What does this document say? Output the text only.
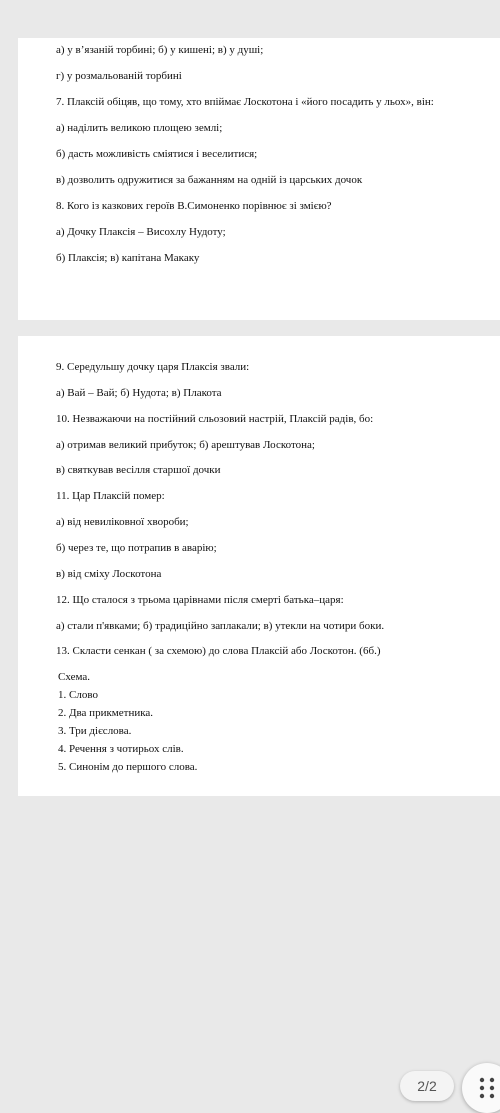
а) у в’язаній торбині; б) у кишені; в) у душі;
г) у розмальованій торбині
7. Плаксій обіцяв, що тому, хто впіймає Лоскотона і «його посадить у льох», він:
а) наділить великою площею землі;
б) дасть можливість сміятися і веселитися;
в) дозволить одружитися за бажанням на одній із царських дочок
8. Кого із казкових героїв В.Симоненко порівнює зі змією?
а) Дочку Плаксія – Висохлу Нудоту;
б) Плаксія; в) капітана Макаку
9. Середульшу дочку царя Плаксія звали:
а) Вай – Вай; б) Нудота; в) Плакота
10. Незважаючи на постійний сльозовий настрій, Плаксій радів, бо:
а) отримав великий прибуток; б) арештував Лоскотона;
в) святкував весілля старшої дочки
11. Цар Плаксій помер:
а) від невиліковної хвороби;
б) через те, що потрапив в аварію;
в) від сміху Лоскотона
12. Що сталося з трьома царівнами після смерті батька–царя:
а) стали п'явками; б) традиційно заплакали; в) утекли на чотири боки.
13. Скласти сенкан ( за схемою) до слова Плаксій або Лоскотон. (6б.)
Схема.
1. Слово
2. Два прикметника.
3. Три дієслова.
4. Речення з чотирьох слів.
5. Синонім до першого слова.
2/2
